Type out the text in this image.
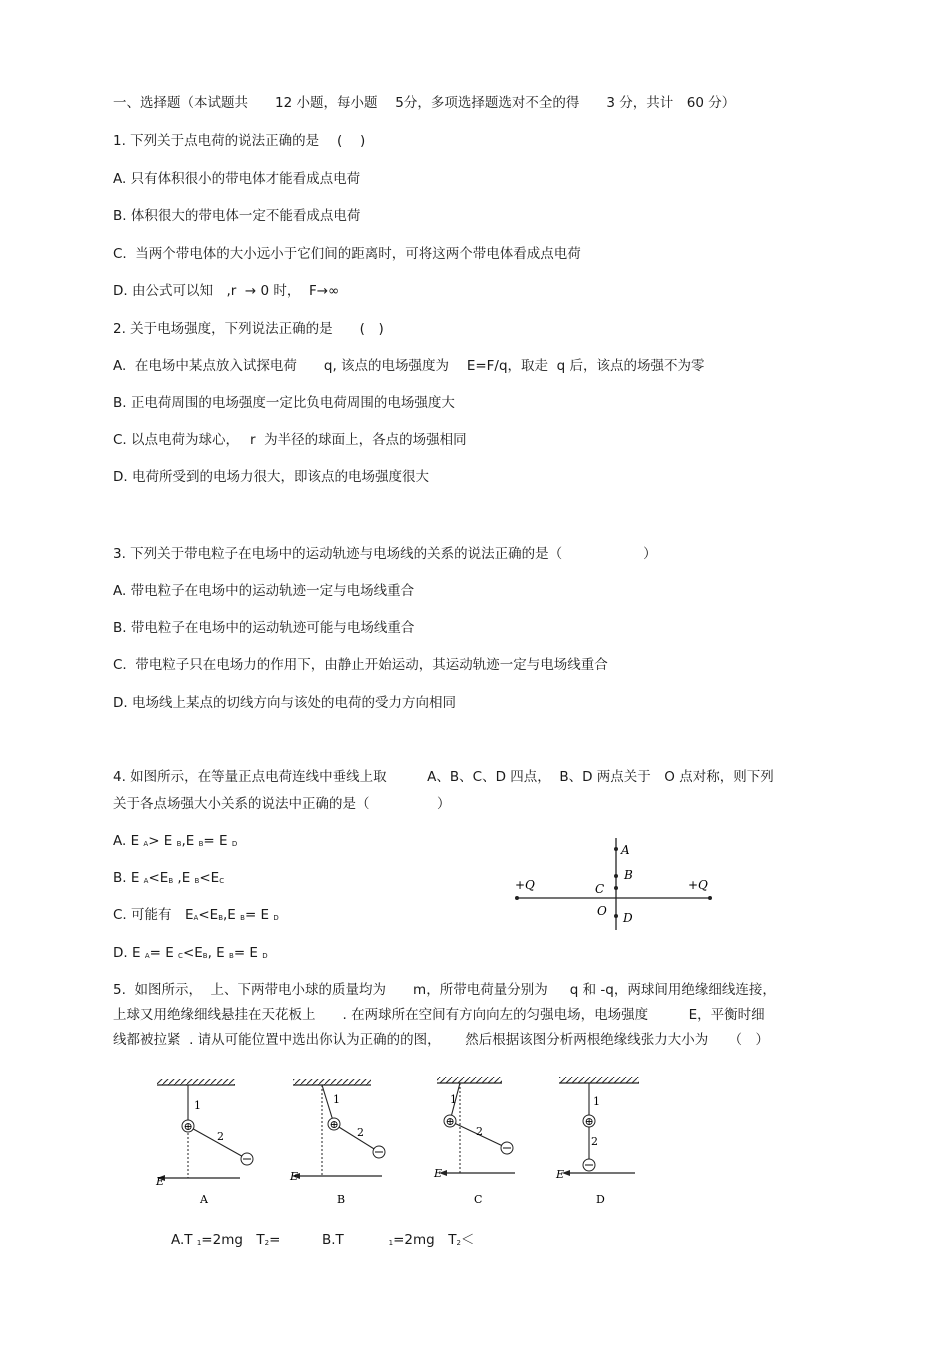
一、选择题（本试题共　　12 小题，每小题　 5分，多项选择题选对不全的得　　3 分，共计　60 分）
1. 下列关于点电荷的说法正确的是　 (　 )
A. 只有体积很小的带电体才能看成点电荷
B. 体积很大的带电体一定不能看成点电荷
C.  当两个带电体的大小远小于它们间的距离时，可将这两个带电体看成点电荷
D. 由公式可以知　,r  → 0 时，  F→∞
2. 关于电场强度，下列说法正确的是　　(　)
A.  在电场中某点放入试探电荷　　q, 该点的电场强度为　 E=F/q，取走  q 后，该点的场强不为零
B. 正电荷周围的电场强度一定比负电荷周围的电场强度大
C. 以点电荷为球心，　 r  为半径的球面上，各点的场强相同
D. 电荷所受到的电场力很大，即该点的电场强度很大
3. 下列关于带电粒子在电场中的运动轨迹与电场线的关系的说法正确的是（　　　　　　）
A. 带电粒子在电场中的运动轨迹一定与电场线重合
B. 带电粒子在电场中的运动轨迹可能与电场线重合
C.  带电粒子只在电场力的作用下，由静止开始运动，其运动轨迹一定与电场线重合
D. 电场线上某点的切线方向与该处的电荷的受力方向相同
4. 如图所示，在等量正点电荷连线中垂线上取　　　A、B、C、D 四点，  B、D 两点关于　O 点对称，则下列
关于各点场强大小关系的说法中正确的是（　　　　　）
A. E A> E B,E B= E D
B. E A<EB ,E B<EC
C. 可能有　EA<EB,E B= E D
D. E A= E C<EB, E B= E D
A
B
C
O D
+Q	+Q
5.  如图所示，  上、下两带电小球的质量均为　　m，所带电荷量分别为　  q 和 -q，两球间用绝缘细线连接，
上球又用绝缘细线悬挂在天花板上　　. 在两球所在空间有方向向左的匀强电场，电场强度　　　E，平衡时细
线都被拉紧  . 请从可能位置中选出你认为正确的的图，　　 然后根据该图分析两根绝缘线张力大小为　　（　）
⊕
1
2
E
A
⊕
1
2
E
B
⊕
1
2
E
C
⊕
1
2
E
D
A.T 1=2mg　T2=	B.T　　　	1=2mg　T2＜
